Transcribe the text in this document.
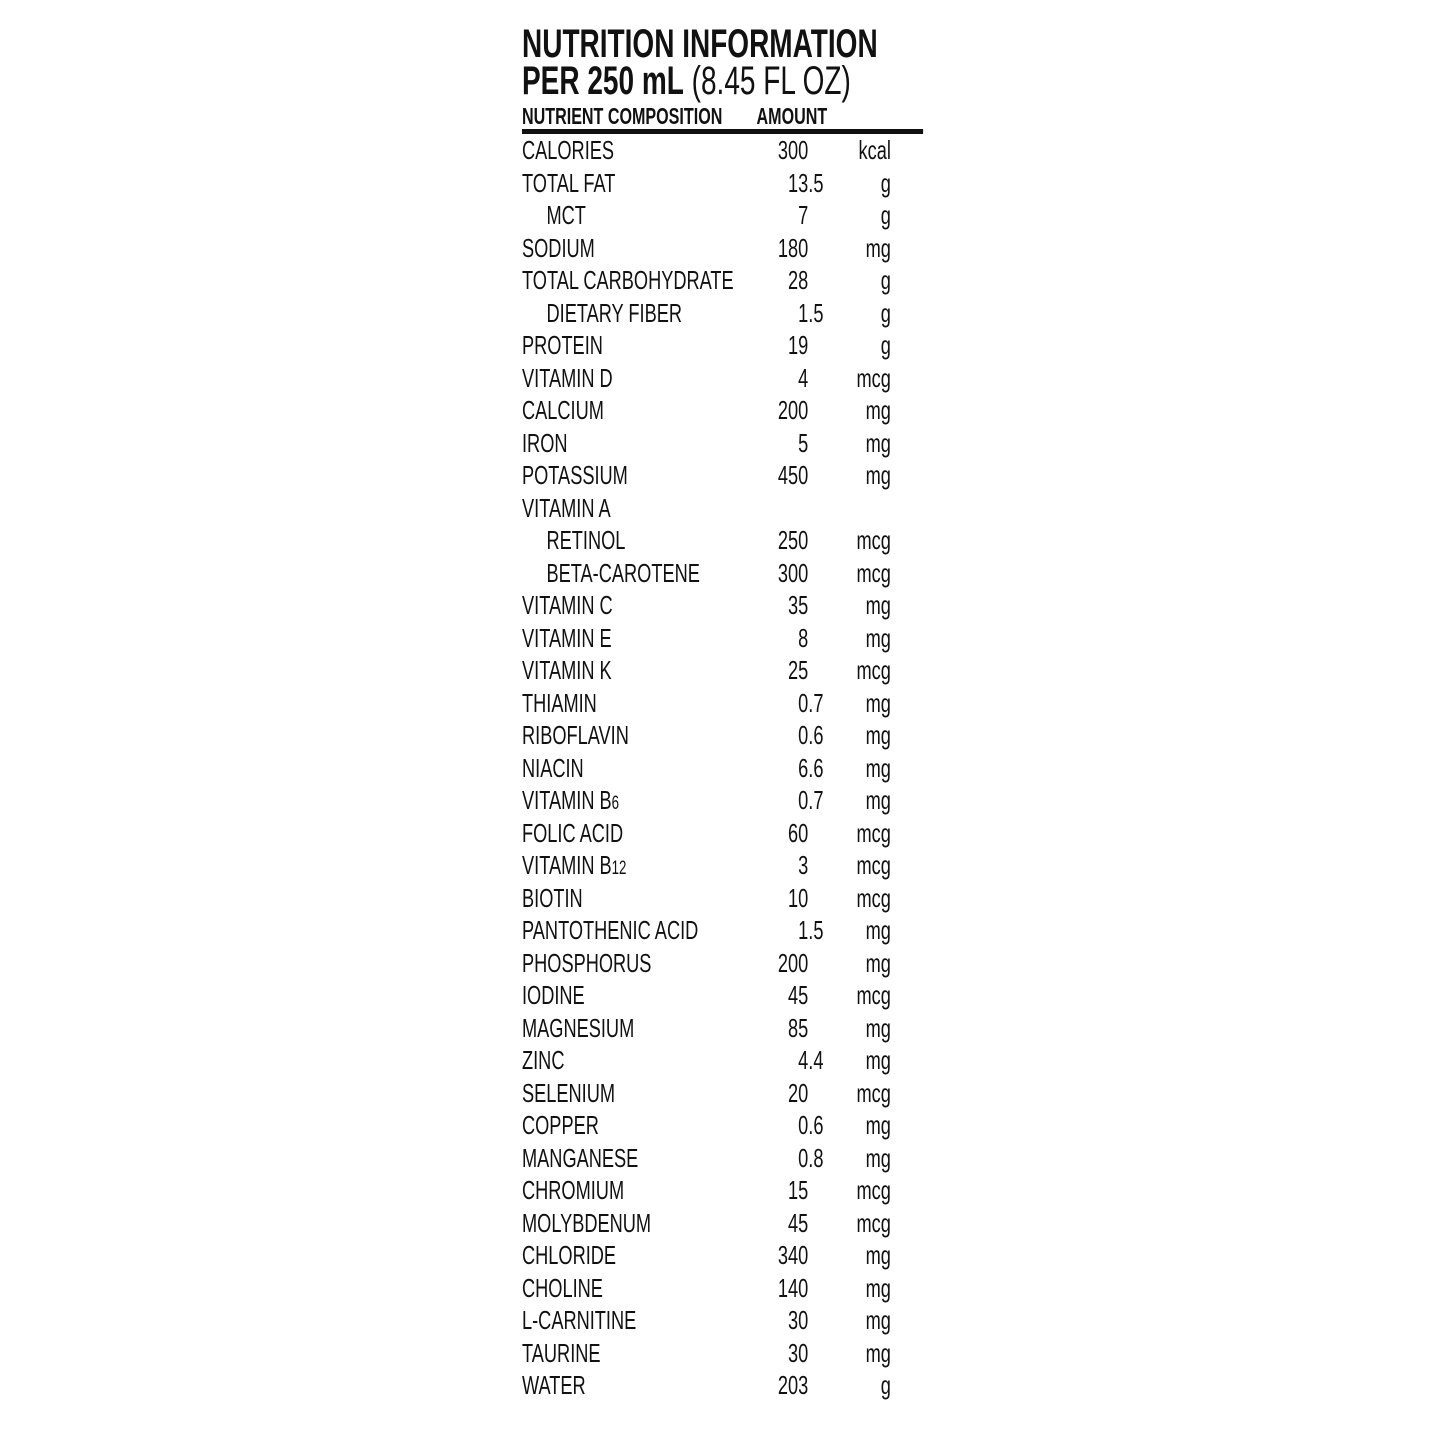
NUTRITION INFORMATION
PER 250 mL (8.45 FL OZ)
NUTRIENT COMPOSITION	AMOUNT
CALORIES	300	kcal
TOTAL FAT	13 .5	g
MCT	7	g
SODIUM	180	mg
TOTAL CARBOHYDRATE	28	g
DIETARY FIBER	1 .5	g
PROTEIN	19	g
VITAMIN D	4	mcg
CALCIUM	200	mg
IRON	5	mg
POTASSIUM	450	mg
VITAMIN A
RETINOL	250	mcg
BETA-CAROTENE	300	mcg
VITAMIN C	35	mg
VITAMIN E	8	mg
VITAMIN K	25	mcg
THIAMIN	0 .7	mg
RIBOFLAVIN	0 .6	mg
NIACIN	6 .6	mg
VITAMIN B6	0 .7	mg
FOLIC ACID	60	mcg
VITAMIN B12	3	mcg
BIOTIN	10	mcg
PANTOTHENIC ACID	1 .5	mg
PHOSPHORUS	200	mg
IODINE	45	mcg
MAGNESIUM	85	mg
ZINC	4 .4	mg
SELENIUM	20	mcg
COPPER	0 .6	mg
MANGANESE	0 .8	mg
CHROMIUM	15	mcg
MOLYBDENUM	45	mcg
CHLORIDE	340	mg
CHOLINE	140	mg
L-CARNITINE	30	mg
TAURINE	30	mg
WATER	203	g
